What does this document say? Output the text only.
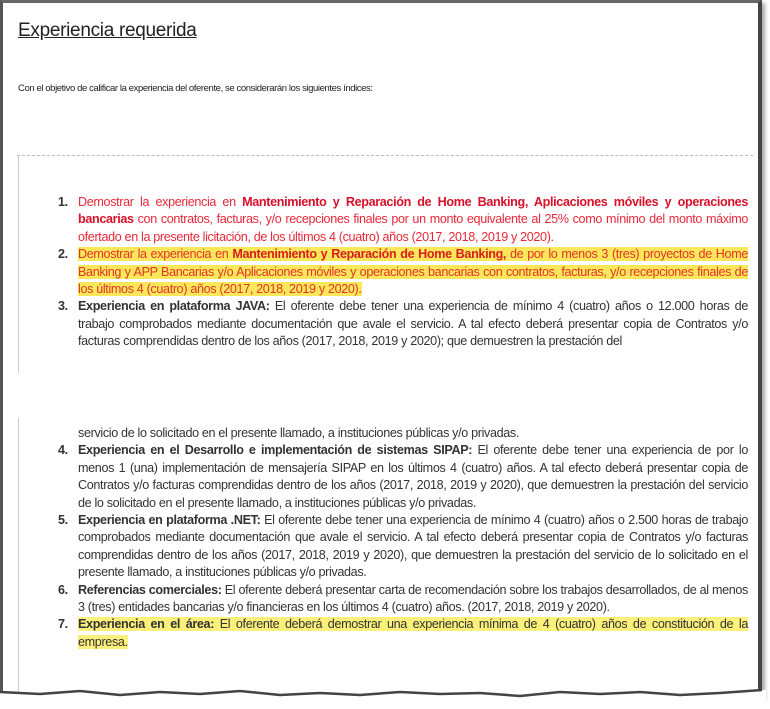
Experiencia requerida
Con el objetivo de calificar la experiencia del oferente, se considerarán los siguientes índices:
1. Demostrar la experiencia en Mantenimiento y Reparación de Home Banking, Aplicaciones móviles y operaciones bancarias con contratos, facturas, y/o recepciones finales por un monto equivalente al 25% como mínimo del monto máximo ofertado en la presente licitación, de los últimos 4 (cuatro) años (2017, 2018, 2019 y 2020).
2. Demostrar la experiencia en Mantenimiento y Reparación de Home Banking, de por lo menos 3 (tres) proyectos de Home Banking y APP Bancarias y/o Aplicaciones móviles y operaciones bancarias con contratos, facturas, y/o recepciones finales de los últimos 4 (cuatro) años (2017, 2018, 2019 y 2020).
3. Experiencia en plataforma JAVA: El oferente debe tener una experiencia de mínimo 4 (cuatro) años o 12.000 horas de trabajo comprobados mediante documentación que avale el servicio. A tal efecto deberá presentar copia de Contratos y/o facturas comprendidas dentro de los años (2017, 2018, 2019 y 2020); que demuestren la prestación del
servicio de lo solicitado en el presente llamado, a instituciones públicas y/o privadas.
4. Experiencia en el Desarrollo e implementación de sistemas SIPAP: El oferente debe tener una experiencia de por lo menos 1 (una) implementación de mensajería SIPAP en los últimos 4 (cuatro) años. A tal efecto deberá presentar copia de Contratos y/o facturas comprendidas dentro de los años (2017, 2018, 2019 y 2020), que demuestren la prestación del servicio de lo solicitado en el presente llamado, a instituciones públicas y/o privadas.
5. Experiencia en plataforma .NET: El oferente debe tener una experiencia de mínimo 4 (cuatro) años o 2.500 horas de trabajo comprobados mediante documentación que avale el servicio. A tal efecto deberá presentar copia de Contratos y/o facturas comprendidas dentro de los años (2017, 2018, 2019 y 2020), que demuestren la prestación del servicio de lo solicitado en el presente llamado, a instituciones públicas y/o privadas.
6. Referencias comerciales: El oferente deberá presentar carta de recomendación sobre los trabajos desarrollados, de al menos 3 (tres) entidades bancarias y/o financieras en los últimos 4 (cuatro) años. (2017, 2018, 2019 y 2020).
7. Experiencia en el área: El oferente deberá demostrar una experiencia mínima de 4 (cuatro) años de constitución de la empresa.
